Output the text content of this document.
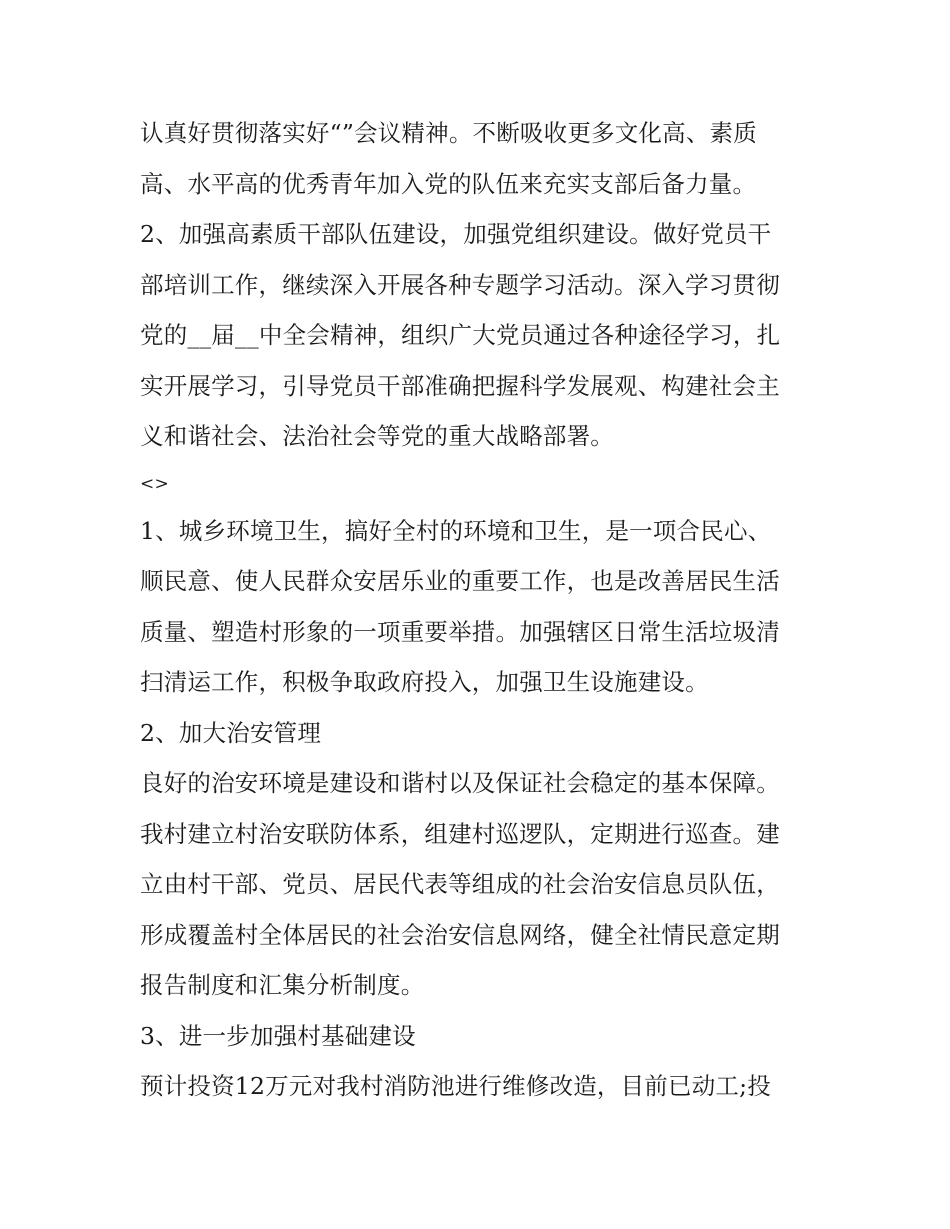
认真好贯彻落实好“”会议精神。不断吸收更多文化高、素质
高、水平高的优秀青年加入党的队伍来充实支部后备力量。
2、加强高素质干部队伍建设，加强党组织建设。做好党员干
部培训工作，继续深入开展各种专题学习活动。深入学习贯彻
党的__届__中全会精神，组织广大党员通过各种途径学习，扎
实开展学习，引导党员干部准确把握科学发展观、构建社会主
义和谐社会、法治社会等党的重大战略部署。
<>
1、城乡环境卫生，搞好全村的环境和卫生，是一项合民心、
顺民意、使人民群众安居乐业的重要工作，也是改善居民生活
质量、塑造村形象的一项重要举措。加强辖区日常生活垃圾清
扫清运工作，积极争取政府投入，加强卫生设施建设。
2、加大治安管理
良好的治安环境是建设和谐村以及保证社会稳定的基本保障。
我村建立村治安联防体系，组建村巡逻队，定期进行巡查。建
立由村干部、党员、居民代表等组成的社会治安信息员队伍，
形成覆盖村全体居民的社会治安信息网络，健全社情民意定期
报告制度和汇集分析制度。
3、进一步加强村基础建设
预计投资12万元对我村消防池进行维修改造，目前已动工;投
